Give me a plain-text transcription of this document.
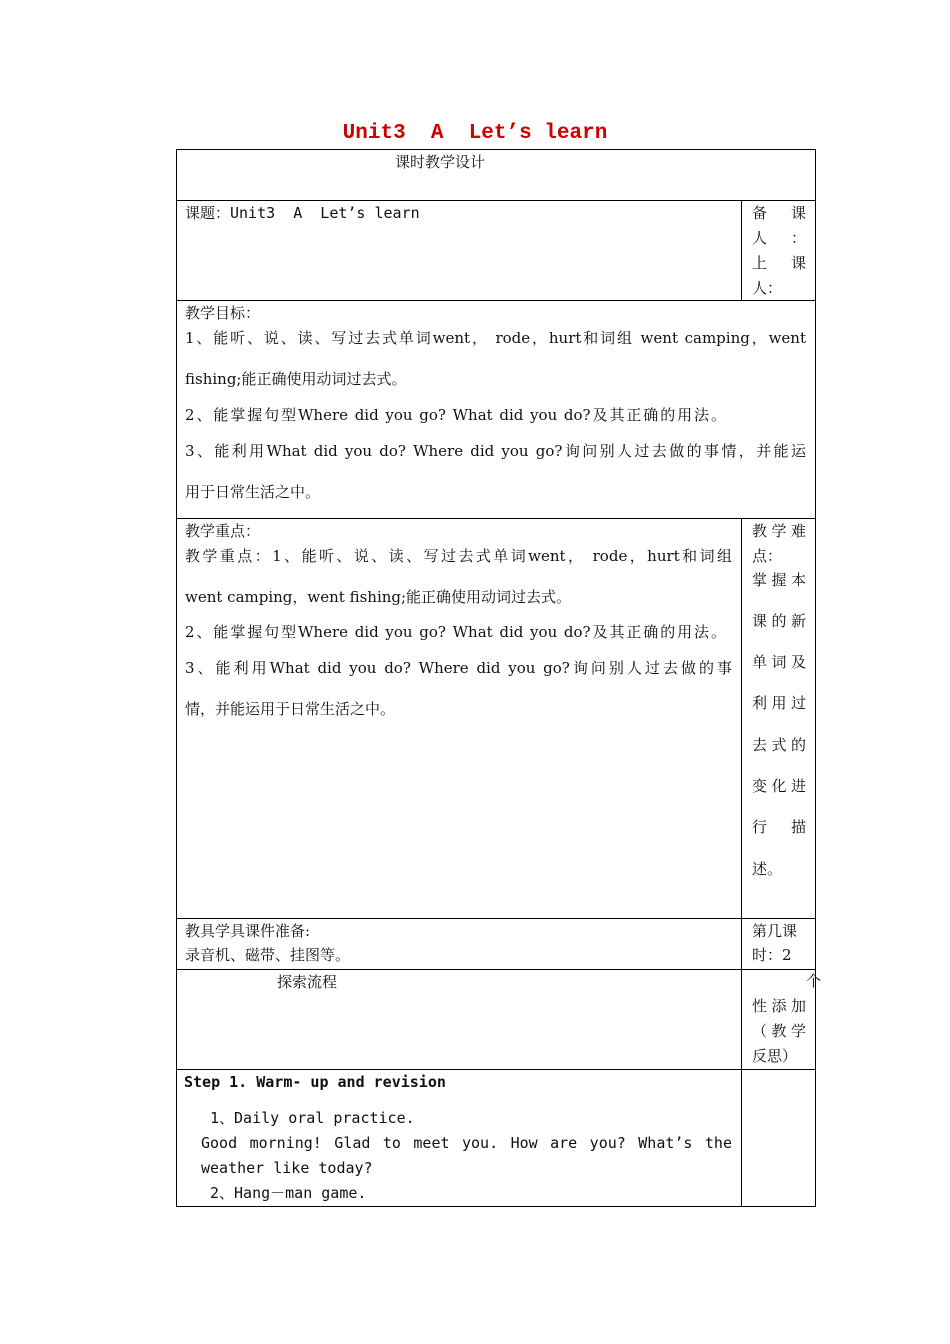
Unit3  A  Let’s learn
课时教学设计
课题：Unit3  A  Let’s learn	备 课
人 ：
上 课
人：
教学目标：
1、能听、说、读、写过去式单词went， rode，hurt和词组 went camping，went
fishing;能正确使用动词过去式。
2、能掌握句型Where did you go? What did you do?及其正确的用法。
3、能利用What did you do? Where did you go?询问别人过去做的事情，并能运
用于日常生活之中。
教学重点：
教学重点：1、能听、说、读、写过去式单词went， rode，hurt和词组
went camping，went fishing;能正确使用动词过去式。
2、能掌握句型Where did you go? What did you do?及其正确的用法。
3、能利用What did you do? Where did you go?询问别人过去做的事
情，并能运用于日常生活之中。
教学难
点：
掌握本
课的新
单词及
利用过
去式的
变化进
行 描
述。
教具学具课件准备:
录音机、磁带、挂图等。
第几课
时：2
探索流程	个
性添加
（教学
反思）
Step 1. Warm- up and revision
1、Daily oral practice.
Good morning! Glad to meet you. How are you? What’s the
weather like today?
2、Hang－man game.
